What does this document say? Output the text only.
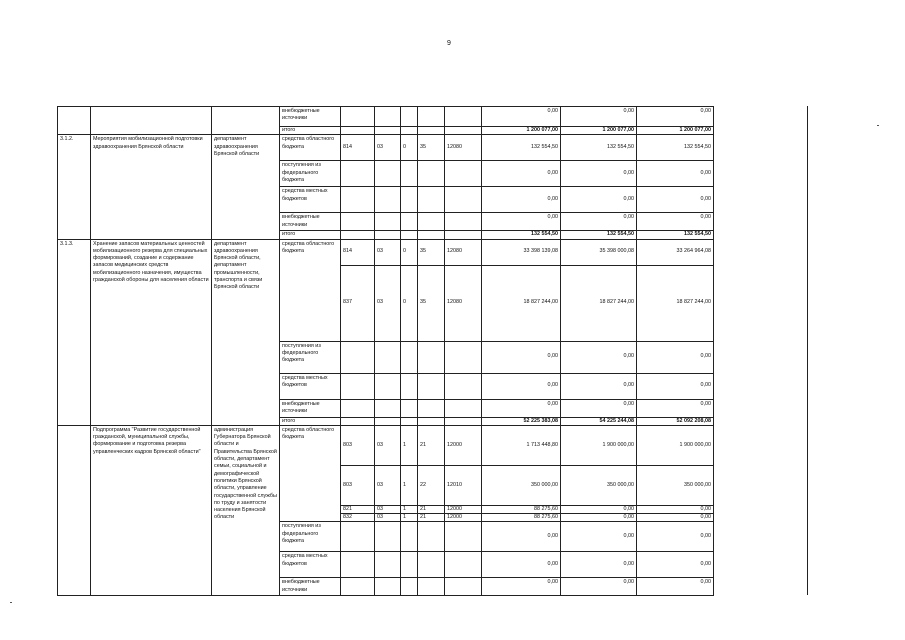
9
			внебюджетные источники						0,00	0,00	0,00
			итого						1 200 077,00	1 200 077,00	1 200 077,00
3.1.2.	Мероприятия мобилизационной подготовки здравоохранения Брянской области	департамент здравоохранения Брянской области	средства областного бюджета	814	03	0	35	12080	132 554,50	132 554,50	132 554,50
			поступления из федерального бюджета						0,00	0,00	0,00
			средства местных бюджетов						0,00	0,00	0,00
			внебюджетные источники						0,00	0,00	0,00
			итого						132 554,50	132 554,50	132 554,50
3.1.3.	Хранение запасов материальных ценностей мобилизационного резерва для специальных формирований, создание и содержание запасов медицинских средств мобилизационного назначения, имущества гражданской обороны для населения области	департамент здравоохранения Брянской области, департамент промышленности, транспорта и связи Брянской области	средства областного бюджета	814	03	0	35	12080	33 398 139,08	35 398 000,08	33 264 964,08
				837	03	0	35	12080	18 827 244,00	18 827 244,00	18 827 244,00
			поступления из федерального бюджета						0,00	0,00	0,00
			средства местных бюджетов						0,00	0,00	0,00
			внебюджетные источники						0,00	0,00	0,00
			итого						52 225 383,08	54 225 244,08	52 092 208,08
	Подпрограмма "Развитие государственной гражданской, муниципальной службы, формирование и подготовка резерва управленческих кадров Брянской области"	администрация Губернатора Брянской области и Правительства Брянской области, департамент семьи, социальной и демографической политики Брянской области, управление государственной службы по труду и занятости населения Брянской области	средства областного бюджета	803	03	1	21	12000	1 713 448,80	1 900 000,00	1 900 000,00
				803	03	1	22	12010	350 000,00	350 000,00	350 000,00
				821	03	1	21	12000	88 275,60	0,00	0,00
				832	03	1	21	12000	88 275,60	0,00	0,00
			поступления из федерального бюджета						0,00	0,00	0,00
			средства местных бюджетов						0,00	0,00	0,00
			внебюджетные источники						0,00	0,00	0,00
